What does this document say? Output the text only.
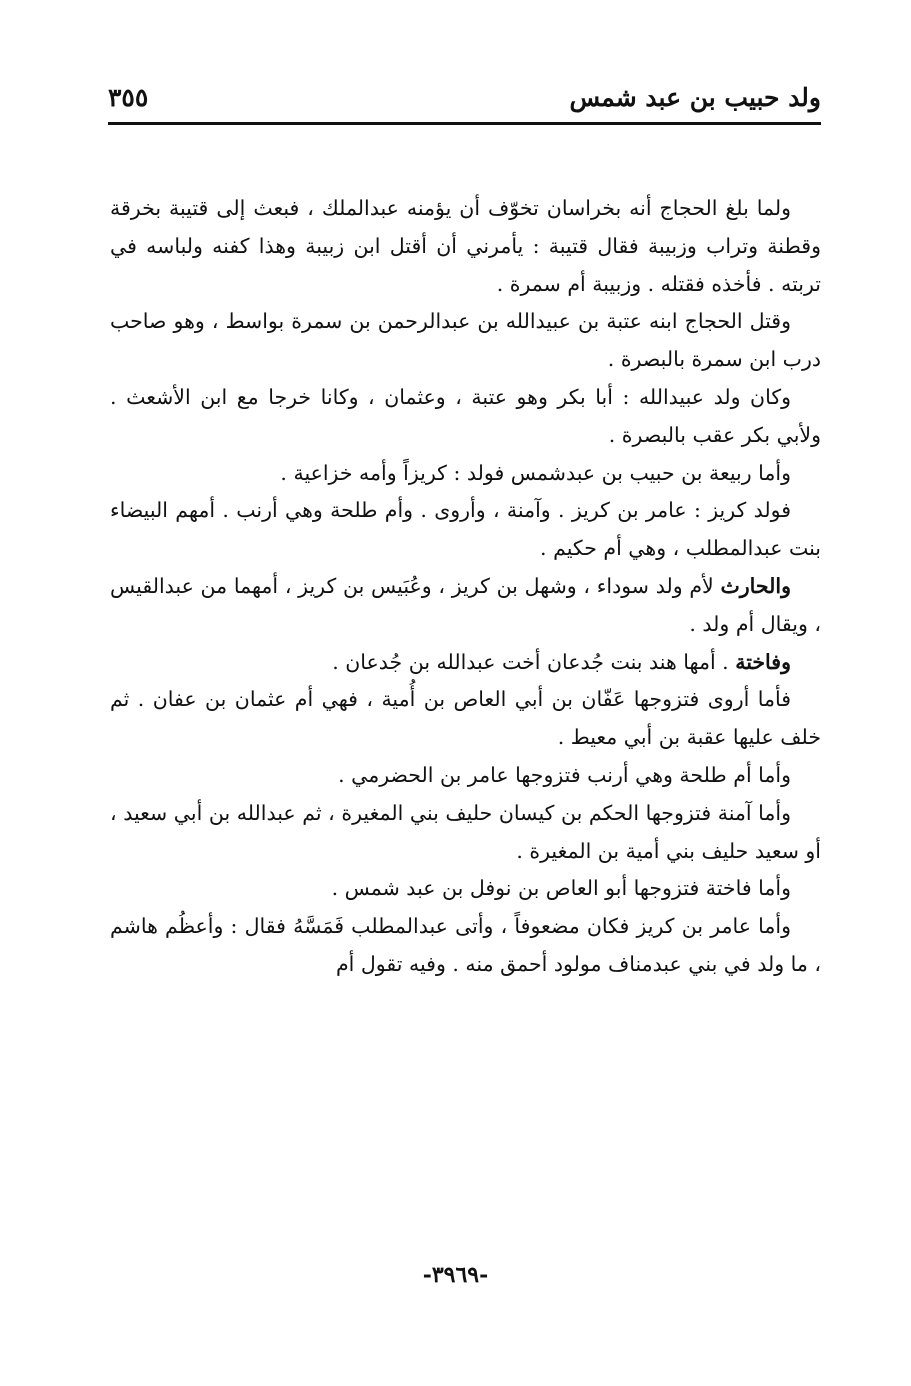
ولد حبيب بن عبد شمس
٣٥٥

ولما بلغ الحجاج أنه بخراسان تخوّف أن يؤمنه عبدالملك ، فبعث إلى قتيبة بخرقة وقطنة وتراب وزبيبة فقال قتيبة : يأمرني أن أقتل ابن زبيبة وهذا كفنه ولباسه في تربته . فأخذه فقتله . وزبيبة أم سمرة .

وقتل الحجاج ابنه عتبة بن عبيدالله بن عبدالرحمن بن سمرة بواسط ، وهو صاحب درب ابن سمرة بالبصرة .

وكان ولد عبيدالله : أبا بكر وهو عتبة ، وعثمان ، وكانا خرجا مع ابن الأشعث . ولأبي بكر عقب بالبصرة .

وأما ربيعة بن حبيب بن عبدشمس فولد : كريزاً وأمه خزاعية .

فولد كريز : عامر بن كريز . وآمنة ، وأروى . وأم طلحة وهي أرنب . أمهم البيضاء بنت عبدالمطلب ، وهي أم حكيم .

والحارث لأم ولد سوداء ، وشهل بن كريز ، وعُبَيس بن كريز ، أمهما من عبدالقيس ، ويقال أم ولد .

وفاختة . أمها هند بنت جُدعان أخت عبدالله بن جُدعان .

فأما أروى فتزوجها عَفّان بن أبي العاص بن أُمية ، فهي أم عثمان بن عفان . ثم خلف عليها عقبة بن أبي معيط .

وأما أم طلحة وهي أرنب فتزوجها عامر بن الحضرمي .

وأما آمنة فتزوجها الحكم بن كيسان حليف بني المغيرة ، ثم عبدالله بن أبي سعيد ، أو سعيد حليف بني أمية بن المغيرة .

وأما فاختة فتزوجها أبو العاص بن نوفل بن عبد شمس .

وأما عامر بن كريز فكان مضعوفاً ، وأتى عبدالمطلب فَمَسَّهُ فقال : وأعظُم هاشم ، ما ولد في بني عبدمناف مولود أحمق منه . وفيه تقول أم

-٣٩٦٩-
